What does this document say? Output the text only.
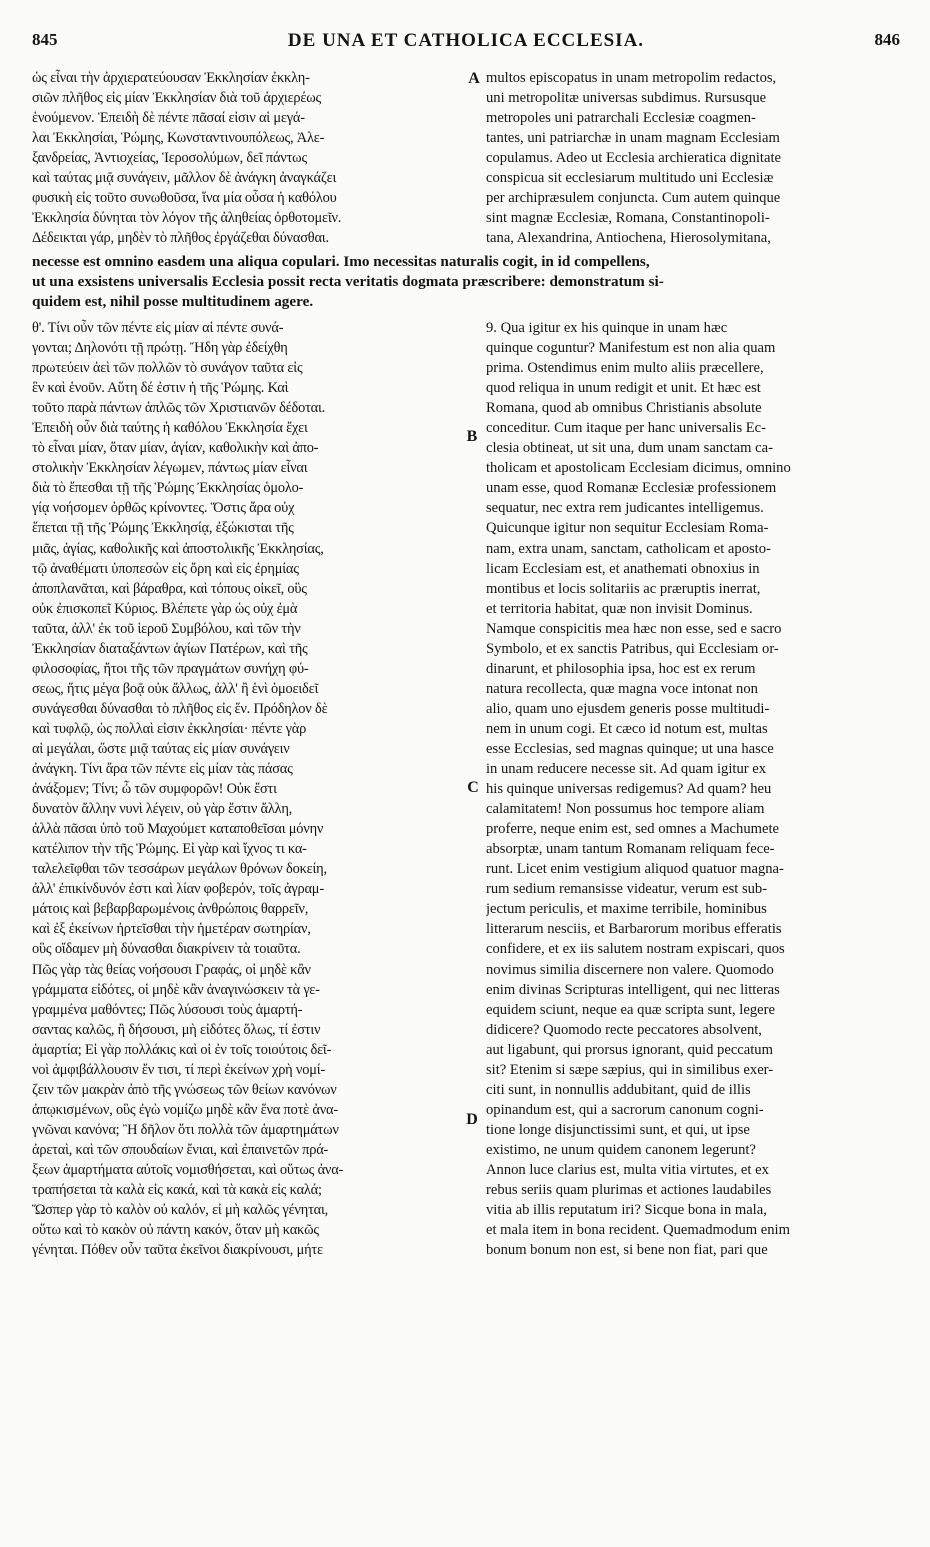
845	DE UNA ET CATHOLICA ECCLESIA.	846
ὡς εἶναι τὴν ἀρχιερατεύουσαν Ἐκκλησίαν ἐκκλη-
σιῶν πλῆθος εἰς μίαν Ἐκκλησίαν διὰ τοῦ ἀρχιερέως
ἑνούμενον. Ἐπειδὴ δὲ πέντε πᾶσαί εἰσιν αἱ μεγά-
λαι Ἐκκλησίαι, Ῥώμης, Κωνσταντινουπόλεως, Ἀλε-
ξανδρείας, Ἀντιοχείας, Ἱεροσολύμων, δεῖ πάντως
καὶ ταύτας μιᾷ συνάγειν, μᾶλλον δὲ ἀνάγκη ἀναγκάζει
φυσικὴ εἰς τοῦτο συνωθοῦσα, ἵνα μία οὖσα ἡ καθόλου
Ἐκκλησία δύνηται τὸν λόγον τῆς ἀληθείας ὀρθοτομεῖν.
Δέδεικται γάρ, μηδὲν τὸ πλῆθος ἐργάζεθαι δύνασθαι.
multos episcopatus in unam metropolim redactos,
uni metropolitæ universas subdimus. Rursusque
metropoles uni patrarchali Ecclesiæ coagmen-
tantes, uni patriarchæ in unam magnam Ecclesiam
copulamus. Adeo ut Ecclesia archieratica dignitate
conspicua sit ecclesiarum multitudo uni Ecclesiæ
per archipræsulem conjuncta. Cum autem quinque
sint magnæ Ecclesiæ, Romana, Constantinopoli-
tana, Alexandrina, Antiochena, Hierosolymitana,
necesse est omnino easdem una aliqua copulari. Imo necessitas naturalis cogit, in id compellens,
ut una exsistens universalis Ecclesia possit recta veritatis dogmata præscribere: demonstratum si-
quidem est, nihil posse multitudinem agere.
θ'. Τίνι οὖν τῶν πέντε εἰς μίαν αἱ πέντε συνά-
γονται; Δηλονότι τῇ πρώτῃ. Ἤδη γὰρ ἐδείχθη
πρωτεύειν ἀεὶ τῶν πολλῶν τὸ συνάγον ταῦτα εἰς
ἓν καὶ ἑνοῦν. Αὕτη δέ ἐστιν ἡ τῆς Ῥώμης. Καὶ
τοῦτο παρὰ πάντων ἁπλῶς τῶν Χριστιανῶν δέδοται.
Ἐπειδὴ οὖν διὰ ταύτης ἡ καθόλου Ἐκκλησία ἔχει
τὸ εἶναι μίαν, ὅταν μίαν, ἁγίαν, καθολικὴν καὶ ἀπο-
στολικὴν Ἐκκλησίαν λέγωμεν, πάντως μίαν εἶναι
διὰ τὸ ἕπεσθαι τῇ τῆς Ῥώμης Ἐκκλησίας ὁμολο-
γίᾳ νοήσομεν ὀρθῶς κρίνοντες. Ὅστις ἄρα οὐχ
ἕπεται τῇ τῆς Ῥώμης Ἐκκλησίᾳ, ἐξώκισται τῆς
μιᾶς, ἁγίας, καθολικῆς καὶ ἀποστολικῆς Ἐκκλησίας,
τῷ ἀναθέματι ὑποπεσὼν εἰς ὄρη καὶ εἰς ἐρημίας
ἀποπλανᾶται, καὶ βάραθρα, καὶ τόπους οἰκεῖ, οὓς
οὐκ ἐπισκοπεῖ Κύριος. Βλέπετε γὰρ ὡς οὐχ ἐμὰ
ταῦτα, ἀλλ' ἐκ τοῦ ἱεροῦ Συμβόλου, καὶ τῶν τὴν
Ἐκκλησίαν διαταξάντων ἁγίων Πατέρων, καὶ τῆς
φιλοσοφίας, ἤτοι τῆς τῶν πραγμάτων συνήχη φύ-
σεως, ἥτις μέγα βοᾷ οὐκ ἄλλως, ἀλλ' ἢ ἑνὶ ὁμοειδεῖ
συνάγεσθαι δύνασθαι τὸ πλῆθος εἰς ἕν. Πρόδηλον δὲ
καὶ τυφλῷ, ὡς πολλαὶ εἰσιν ἐκκλησίαι· πέντε γὰρ
αἱ μεγάλαι, ὥστε μιᾷ ταύτας εἰς μίαν συνάγειν
ἀνάγκη. Τίνι ἄρα τῶν πέντε εἰς μίαν τὰς πάσας
ἀνάξομεν; Τίνι; ὦ τῶν συμφορῶν! Οὐκ ἔστι
δυνατὸν ἄλλην νυνὶ λέγειν, οὐ γὰρ ἔστιν ἄλλη,
ἀλλὰ πᾶσαι ὑπὸ τοῦ Μαχούμετ καταποθεῖσαι μόνην
κατέλιπον τὴν τῆς Ῥώμης. Εἰ γὰρ καὶ ἴχνος τι κα-
ταλελεῖφθαι τῶν τεσσάρων μεγάλων θρόνων δοκείη,
ἀλλ' ἐπικίνδυνόν ἐστι καὶ λίαν φοβερόν, τοῖς ἀγραμ-
μάτοις καὶ βεβαρβαρωμένοις ἀνθρώποις θαρρεῖν,
καὶ ἐξ ἐκείνων ἠρτεῖσθαι τὴν ἡμετέραν σωτηρίαν,
οὓς οἴδαμεν μὴ δύνασθαι διακρίνειν τὰ τοιαῦτα.
Πῶς γὰρ τὰς θείας νοήσουσι Γραφάς, οἱ μηδὲ κἂν
γράμματα εἰδότες, οἱ μηδὲ κἂν ἀναγινώσκειν τὰ γε-
γραμμένα μαθόντες; Πῶς λύσουσι τοὺς ἁμαρτή-
σαντας καλῶς, ἢ δήσουσι, μὴ εἰδότες ὅλως, τί ἐστιν
ἁμαρτία; Εἰ γὰρ πολλάκις καὶ οἱ ἐν τοῖς τοιούτοις δεῖ-
νοὶ ἀμφιβάλλουσιν ἔν τισι, τί περὶ ἐκείνων χρὴ νομί-
ζειν τῶν μακρὰν ἀπὸ τῆς γνώσεως τῶν θείων κανόνων
ἀπῳκισμένων, οὓς ἐγὼ νομίζω μηδὲ κἂν ἕνα ποτὲ ἀνα-
γνῶναι κανόνα; Ἢ δῆλον ὅτι πολλὰ τῶν ἁμαρτημάτων
ἀρεταὶ, καὶ τῶν σπουδαίων ἔνιαι, καὶ ἐπαινετῶν πρά-
ξεων ἁμαρτήματα αὐτοῖς νομισθήσεται, καὶ οὕτως ἀνα-
τραπήσεται τὰ καλὰ εἰς κακά, καὶ τὰ κακὰ εἰς καλά;
Ὥσπερ γὰρ τὸ καλὸν οὐ καλόν, εἰ μὴ καλῶς γένηται,
οὕτω καὶ τὸ κακὸν οὐ πάντη κακόν, ὅταν μὴ κακῶς
γένηται. Πόθεν οὖν ταῦτα ἐκεῖνοι διακρίνουσι, μήτε
9. Qua igitur ex his quinque in unam hæc
quinque coguntur? Manifestum est non alia quam
prima. Ostendimus enim multo aliis præcellere,
quod reliqua in unum redigit et unit. Et hæc est
Romana, quod ab omnibus Christianis absolute
conceditur. Cum itaque per hanc universalis Ec-
clesia obtineat, ut sit una, dum unam sanctam ca-
tholicam et apostolicam Ecclesiam dicimus, omnino
unam esse, quod Romanæ Ecclesiæ professionem
sequatur, nec extra rem judicantes intelligemus.
Quicunque igitur non sequitur Ecclesiam Roma-
nam, extra unam, sanctam, catholicam et aposto-
licam Ecclesiam est, et anathemati obnoxius in
montibus et locis solitariis ac præruptis inerrat,
et territoria habitat, quæ non invisit Dominus.
Namque conspicitis mea hæc non esse, sed e sacro
Symbolo, et ex sanctis Patribus, qui Ecclesiam or-
dinarunt, et philosophia ipsa, hoc est ex rerum
natura recollecta, quæ magna voce intonat non
alio, quam uno ejusdem generis posse multitudi-
nem in unum cogi. Et cæco id notum est, multas
esse Ecclesias, sed magnas quinque; ut una hasce
in unam reducere necesse sit. Ad quam igitur ex
his quinque universas redigemus? Ad quam? heu
calamitatem! Non possumus hoc tempore aliam
proferre, neque enim est, sed omnes a Machumete
absorptæ, unam tantum Romanam reliquam fece-
runt. Licet enim vestigium aliquod quatuor magna-
rum sedium remansisse videatur, verum est sub-
jectum periculis, et maxime terribile, hominibus
litterarum nesciis, et Barbarorum moribus efferatis
confidere, et ex iis salutem nostram expiscari, quos
novimus similia discernere non valere. Quomodo
enim divinas Scripturas intelligent, qui nec litteras
equidem sciunt, neque ea quæ scripta sunt, legere
didicere? Quomodo recte peccatores absolvent,
aut ligabunt, qui prorsus ignorant, quid peccatum
sit? Etenim si sæpe sæpius, qui in similibus exer-
citi sunt, in nonnullis addubitant, quid de illis
opinandum est, qui a sacrorum canonum cogni-
tione longe disjunctissimi sunt, et qui, ut ipse
existimo, ne unum quidem canonem legerunt?
Annon luce clarius est, multa vitia virtutes, et ex
rebus seriis quam plurimas et actiones laudabiles
vitia ab illis reputatum iri? Sicque bona in mala,
et mala item in bona recident. Quemadmodum enim
bonum bonum non est, si bene non fiat, pari que
A
B
C
D
